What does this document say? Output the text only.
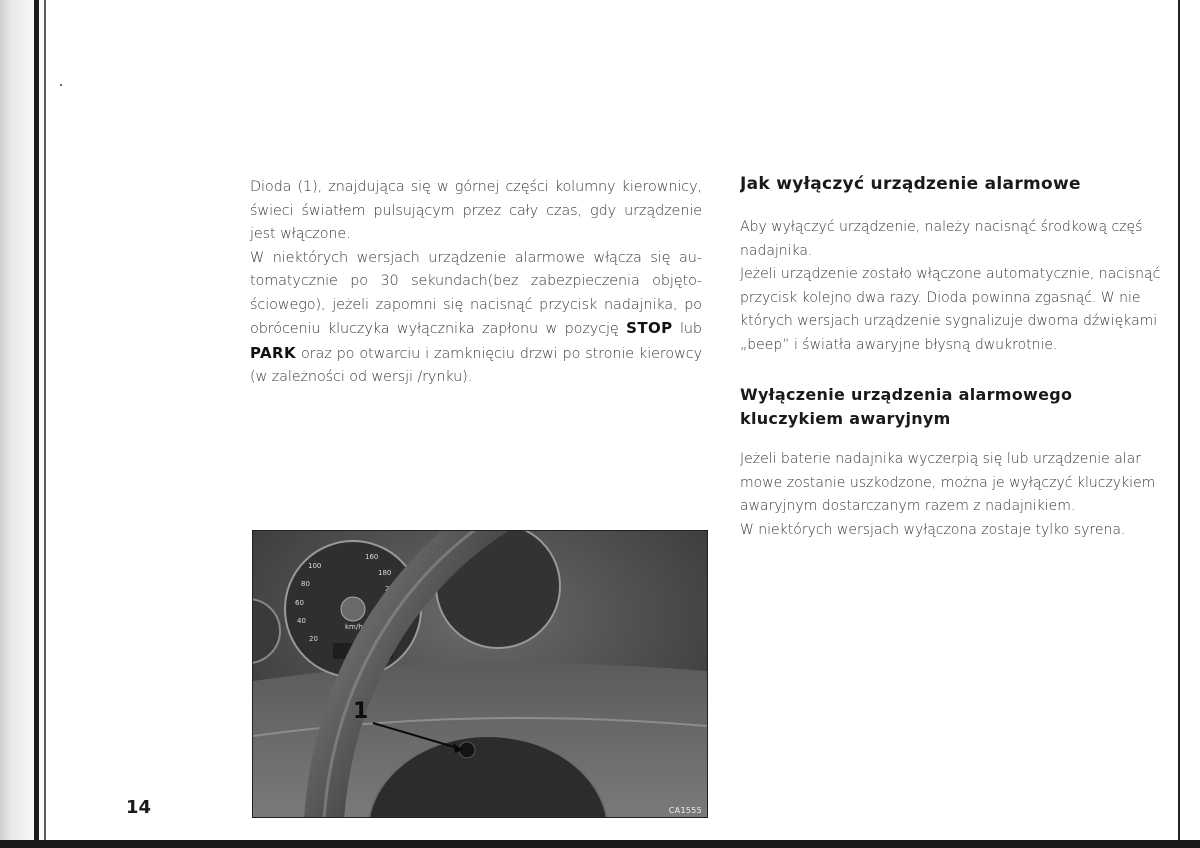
Dioda (1), znajdująca się w górnej części kolumny kierownicy, świeci światłem pulsującym przez cały czas, gdy urządzenie jest włączone.

W niektórych wersjach urządzenie alarmowe włącza się automatycznie po 30 sekundach(bez zabezpieczenia objętościowego), jeżeli zapomni się nacisnąć przycisk nadajnika, po obróceniu kluczyka wyłącznika zapłonu w pozycję STOP lub PARK oraz po otwarciu i zamknięciu drzwi po stronie kierowcy (w zależności od wersji /rynku).

Jak wyłączyć urządzenie alarmowe

Aby wyłączyć urządzenie, należy nacisnąć środkową częś

nadajnika.

Jeżeli urządzenie zostało włączone automatycznie, nacisnąć

przycisk kolejno dwa razy. Dioda powinna zgasnąć. W nie

których wersjach urządzenie sygnalizuje dwoma dźwiękami

„beep” i światła awaryjne błysną dwukrotnie.

Wyłączenie urządzenia alarmowego
kluczykiem awaryjnym

Jeżeli baterie nadajnika wyczerpią się lub urządzenie alar

mowe zostanie uszkodzone, można je wyłączyć kluczykiem

awaryjnym dostarczanym razem z nadajnikiem.

W niektórych wersjach wyłączona zostaje tylko syrena.

100
80
60
40
20
160
180
200
220
km/h
1
CA1555
14
